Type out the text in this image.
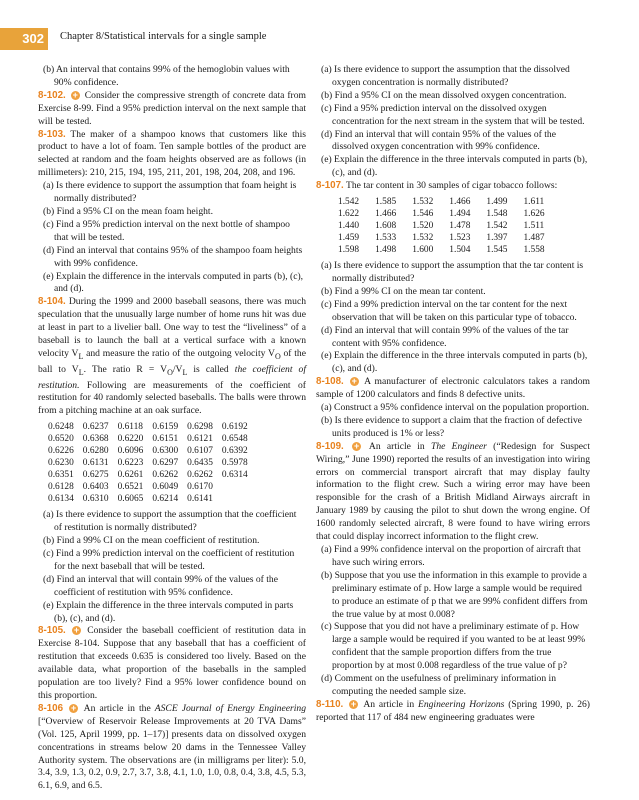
302	Chapter 8/Statistical intervals for a single sample

(b) An interval that contains 99% of the hemoglobin values with 90% confidence.

8-102. + Consider the compressive strength of concrete data from Exercise 8-99. Find a 95% prediction interval on the next sample that will be tested.

8-103. The maker of a shampoo knows that customers like this product to have a lot of foam. Ten sample bottles of the product are selected at random and the foam heights observed are as follows (in millimeters): 210, 215, 194, 195, 211, 201, 198, 204, 208, and 196.

(a) Is there evidence to support the assumption that foam height is normally distributed?

(b) Find a 95% CI on the mean foam height.

(c) Find a 95% prediction interval on the next bottle of shampoo that will be tested.

(d) Find an interval that contains 95% of the shampoo foam heights with 99% confidence.

(e) Explain the difference in the intervals computed in parts (b), (c), and (d).

8-104. During the 1999 and 2000 baseball seasons, there was much speculation that the unusually large number of home runs hit was due at least in part to a livelier ball. One way to test the “liveliness” of a baseball is to launch the ball at a vertical surface with a known velocity $V_L$ and measure the ratio of the outgoing velocity $V_O$ of the ball to $V_L$. The ratio $R = V_O/V_L$ is called the coefficient of restitution. Following are measurements of the coefficient of restitution for 40 randomly selected baseballs. The balls were thrown from a pitching machine at an oak surface.

0.6248	0.6237	0.6118	0.6159	0.6298	0.6192
0.6520	0.6368	0.6220	0.6151	0.6121	0.6548
0.6226	0.6280	0.6096	0.6300	0.6107	0.6392
0.6230	0.6131	0.6223	0.6297	0.6435	0.5978
0.6351	0.6275	0.6261	0.6262	0.6262	0.6314
0.6128	0.6403	0.6521	0.6049	0.6170	
0.6134	0.6310	0.6065	0.6214	0.6141	

(a) Is there evidence to support the assumption that the coefficient of restitution is normally distributed?

(b) Find a 99% CI on the mean coefficient of restitution.

(c) Find a 99% prediction interval on the coefficient of restitution for the next baseball that will be tested.

(d) Find an interval that will contain 99% of the values of the coefficient of restitution with 95% confidence.

(e) Explain the difference in the three intervals computed in parts (b), (c), and (d).

8-105. + Consider the baseball coefficient of restitution data in Exercise 8-104. Suppose that any baseball that has a coefficient of restitution that exceeds 0.635 is considered too lively. Based on the available data, what proportion of the baseballs in the sampled population are too lively? Find a 95% lower confidence bound on this proportion.

8-106 + An article in the ASCE Journal of Energy Engineering [“Overview of Reservoir Release Improvements at 20 TVA Dams” (Vol. 125, April 1999, pp. 1–17)] presents data on dissolved oxygen concentrations in streams below 20 dams in the Tennessee Valley Authority system. The observations are (in milligrams per liter): 5.0, 3.4, 3.9, 1.3, 0.2, 0.9, 2.7, 3.7, 3.8, 4.1, 1.0, 1.0, 0.8, 0.4, 3.8, 4.5, 5.3, 6.1, 6.9, and 6.5.

(a) Is there evidence to support the assumption that the dissolved oxygen concentration is normally distributed?

(b) Find a 95% CI on the mean dissolved oxygen concentration.

(c) Find a 95% prediction interval on the dissolved oxygen concentration for the next stream in the system that will be tested.

(d) Find an interval that will contain 95% of the values of the dissolved oxygen concentration with 99% confidence.

(e) Explain the difference in the three intervals computed in parts (b), (c), and (d).

8-107. The tar content in 30 samples of cigar tobacco follows:

1.542	1.585	1.532	1.466	1.499	1.611
1.622	1.466	1.546	1.494	1.548	1.626
1.440	1.608	1.520	1.478	1.542	1.511
1.459	1.533	1.532	1.523	1.397	1.487
1.598	1.498	1.600	1.504	1.545	1.558

(a) Is there evidence to support the assumption that the tar content is normally distributed?

(b) Find a 99% CI on the mean tar content.

(c) Find a 99% prediction interval on the tar content for the next observation that will be taken on this particular type of tobacco.

(d) Find an interval that will contain 99% of the values of the tar content with 95% confidence.

(e) Explain the difference in the three intervals computed in parts (b), (c), and (d).

8-108. + A manufacturer of electronic calculators takes a random sample of 1200 calculators and finds 8 defective units.

(a) Construct a 95% confidence interval on the population proportion.

(b) Is there evidence to support a claim that the fraction of defective units produced is 1% or less?

8-109. + An article in The Engineer (“Redesign for Suspect Wiring,” June 1990) reported the results of an investigation into wiring errors on commercial transport aircraft that may display faulty information to the flight crew. Such a wiring error may have been responsible for the crash of a British Midland Airways aircraft in January 1989 by causing the pilot to shut down the wrong engine. Of 1600 randomly selected aircraft, 8 were found to have wiring errors that could display incorrect information to the flight crew.

(a) Find a 99% confidence interval on the proportion of aircraft that have such wiring errors.

(b) Suppose that you use the information in this example to provide a preliminary estimate of p. How large a sample would be required to produce an estimate of p that we are 99% confident differs from the true value by at most 0.008?

(c) Suppose that you did not have a preliminary estimate of p. How large a sample would be required if you wanted to be at least 99% confident that the sample proportion differs from the true proportion by at most 0.008 regardless of the true value of p?

(d) Comment on the usefulness of preliminary information in computing the needed sample size.

8-110. + An article in Engineering Horizons (Spring 1990, p. 26) reported that 117 of 484 new engineering graduates were
